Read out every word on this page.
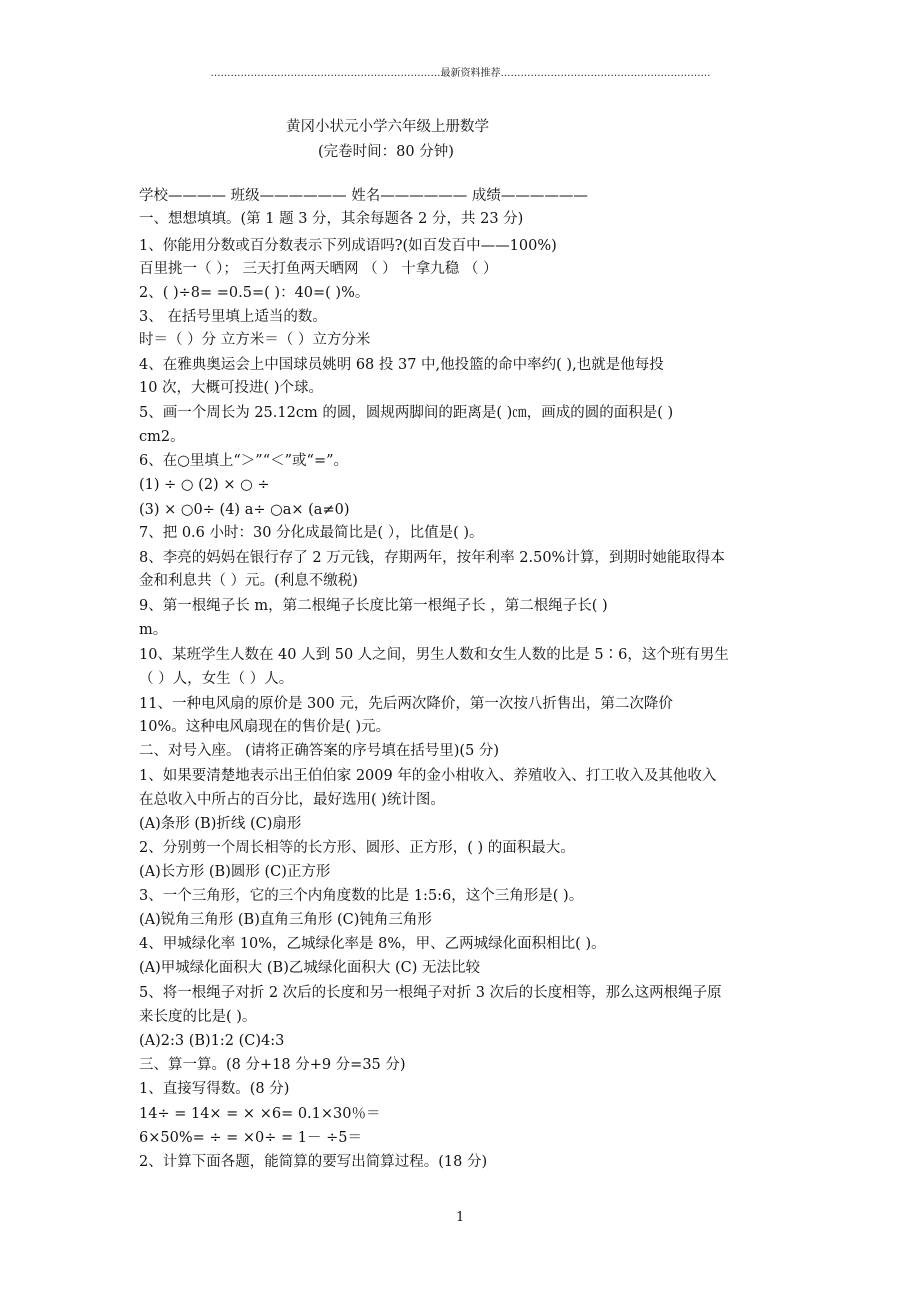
……………………………………………………………最新资料推荐………………………………………………………
黄冈小状元小学六年级上册数学
(完卷时间：80 分钟)
学校———— 班级—————— 姓名—————— 成绩——————
一、想想填填。(第 1 题 3 分，其余每题各 2 分，共 23 分)
1、你能用分数或百分数表示下列成语吗?(如百发百中——100%)
百里挑一（ ）； 三天打鱼两天晒网 （ ） 十拿九稳 （ ）
2、( )÷8= =0.5=( )：40=( )%。
3、 在括号里填上适当的数。
时＝（ ）分 立方米＝（ ）立方分米
4、在雅典奥运会上中国球员姚明 68 投 37 中,他投篮的命中率约( ),也就是他每投
10 次，大概可投进( )个球。
5、画一个周长为 25.12cm 的圆，圆规两脚间的距离是( )㎝，画成的圆的面积是( )
cm2。
6、在○里填上“＞”“＜”或“=”。
(1) ÷ ○ (2) × ○ ÷
(3) × ○0÷ (4) a÷ ○a× (a≠0)
7、把 0.6 小时：30 分化成最简比是( ），比值是( )。
8、李亮的妈妈在银行存了 2 万元钱，存期两年，按年利率 2.50%计算，到期时她能取得本
金和利息共（ ）元。(利息不缴税)
9、第一根绳子长 m，第二根绳子长度比第一根绳子长 ，第二根绳子长( )
m。
10、某班学生人数在 40 人到 50 人之间，男生人数和女生人数的比是 5∶6，这个班有男生
（ ）人，女生（ ）人。
11、一种电风扇的原价是 300 元，先后两次降价，第一次按八折售出，第二次降价
10%。这种电风扇现在的售价是( )元。
二、对号入座。 (请将正确答案的序号填在括号里)(5 分)
1、如果要清楚地表示出王伯伯家 2009 年的金小柑收入、养殖收入、打工收入及其他收入
在总收入中所占的百分比，最好选用( )统计图。
(A)条形 (B)折线 (C)扇形
2、分别剪一个周长相等的长方形、圆形、正方形，( ) 的面积最大。
(A)长方形 (B)圆形 (C)正方形
3、一个三角形，它的三个内角度数的比是 1:5:6，这个三角形是( )。
(A)锐角三角形 (B)直角三角形 (C)钝角三角形
4、甲城绿化率 10%，乙城绿化率是 8%，甲、乙两城绿化面积相比( )。
(A)甲城绿化面积大 (B)乙城绿化面积大 (C) 无法比较
5、将一根绳子对折 2 次后的长度和另一根绳子对折 3 次后的长度相等，那么这两根绳子原
来长度的比是( )。
(A)2:3 (B)1:2 (C)4:3
三、算一算。(8 分+18 分+9 分=35 分)
1、直接写得数。(8 分)
14÷ = 14× = × ×6= 0.1×30％＝
6×50%= ÷ = ×0÷ = 1－ ÷5＝
2、计算下面各题，能简算的要写出简算过程。(18 分)
1
